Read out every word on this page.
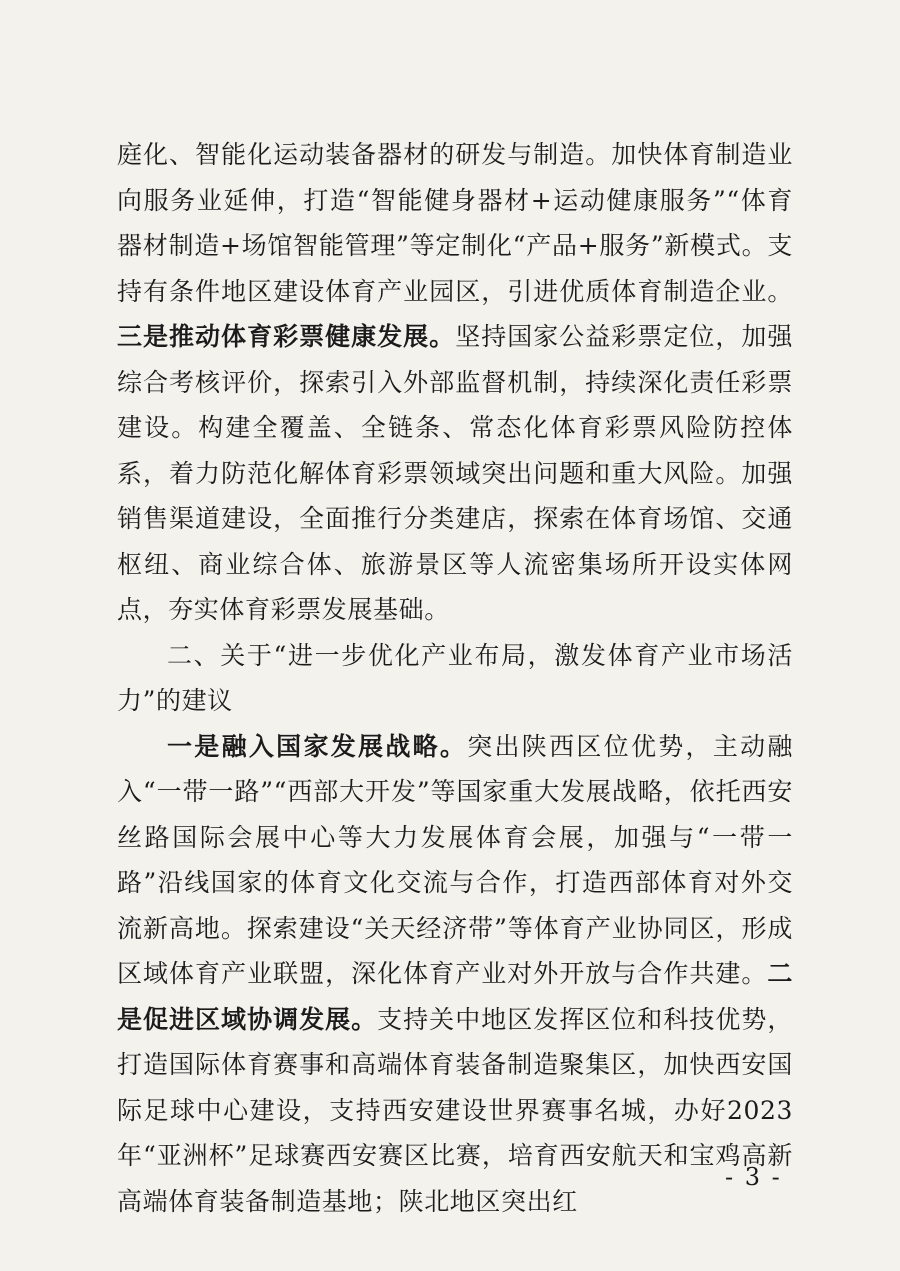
庭化、智能化运动装备器材的研发与制造。加快体育制造业向服务业延伸，打造“智能健身器材+运动健康服务”“体育器材制造+场馆智能管理”等定制化“产品+服务”新模式。支持有条件地区建设体育产业园区，引进优质体育制造企业。三是推动体育彩票健康发展。坚持国家公益彩票定位，加强综合考核评价，探索引入外部监督机制，持续深化责任彩票建设。构建全覆盖、全链条、常态化体育彩票风险防控体系，着力防范化解体育彩票领域突出问题和重大风险。加强销售渠道建设，全面推行分类建店，探索在体育场馆、交通枢纽、商业综合体、旅游景区等人流密集场所开设实体网点，夯实体育彩票发展基础。

二、关于“进一步优化产业布局，激发体育产业市场活力”的建议

一是融入国家发展战略。突出陕西区位优势，主动融入“一带一路”“西部大开发”等国家重大发展战略，依托西安丝路国际会展中心等大力发展体育会展，加强与“一带一路”沿线国家的体育文化交流与合作，打造西部体育对外交流新高地。探索建设“关天经济带”等体育产业协同区，形成区域体育产业联盟，深化体育产业对外开放与合作共建。二是促进区域协调发展。支持关中地区发挥区位和科技优势，打造国际体育赛事和高端体育装备制造聚集区，加快西安国际足球中心建设，支持西安建设世界赛事名城，办好2023年“亚洲杯”足球赛西安赛区比赛，培育西安航天和宝鸡高新高端体育装备制造基地；陕北地区突出红

- 3 -
